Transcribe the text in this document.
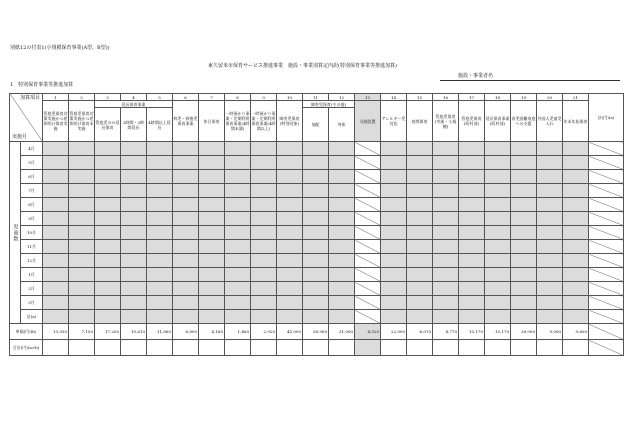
別紙12の付表1(小規模保育事業(A型、B型))
東久留米市保育サービス推進事業　施設・事業別算定内訳(特別保育事業等推進加算)
施設・事業者名
1　特別保育事業等推進加算
加算項目
実施月		1	2	3	4	5	6	7	8	9	10	11	12	13	14	15	16	17	18	19	20	21	計(円)(a)
		管庭児保育対策実施かつ産休明け保育実施	管庭児保育対策実施かつ産休明け保育未実施	延長保育事業			病児・病後児保育事業	休日保育	一時預かり事業・定期利用保育事業(4時間未満)	一時預かり事業・定期利用保育事業(4時間以上)	障害児保育(特別対象)	障害児保育(その他)		分園設置	アレルギー児対応	夜間保育	管庭児保育(市部・小規模)	管庭児保育(町村部)	延長保育事業(町村部)	育児困難家庭への支援	外国人児童受入れ	年末年始保育	
				管庭児のみ延長保育	2時間・3時間延長	4時間以上延長						加配	身体										

児童数	4月																						
	5月																						
	6月																						
	7月																						
	8月																						
	9月																						
	10月																						
	11月																						
	12月																						
	1月																						
	2月																						
	3月																						
	計(a)																						
単価(円)(b)		13,930	7,150	17,200	10,610	11,060	6,800	4,160	1,460	2,920	45,000	38,900	31,000	4,520	22,000	6,070	4,770	10,170	10,170	38,000	9,000	9,800	
合計(円)(a×b)																							
